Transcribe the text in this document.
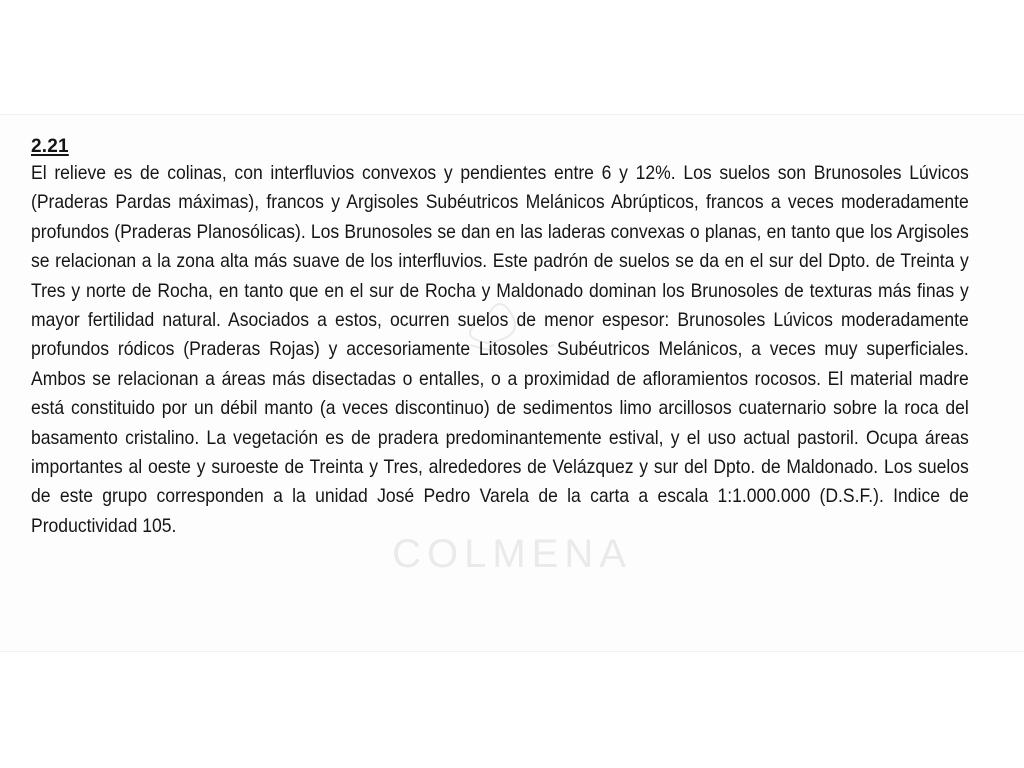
COLMENA
2.21

El relieve es de colinas, con interfluvios convexos y pendientes entre 6 y 12%. Los suelos son Brunosoles Lúvicos (Praderas Pardas máximas), francos y Argisoles Subéutricos Melánicos Abrúpticos, francos a veces moderadamente profundos (Praderas Planosólicas). Los Brunosoles se dan en las laderas convexas o planas, en tanto que los Argisoles se relacionan a la zona alta más suave de los interfluvios. Este padrón de suelos se da en el sur del Dpto. de Treinta y Tres y norte de Rocha, en tanto que en el sur de Rocha y Maldonado dominan los Brunosoles de texturas más finas y mayor fertilidad natural. Asociados a estos, ocurren suelos de menor espesor: Brunosoles Lúvicos moderadamente profundos ródicos (Praderas Rojas) y accesoriamente Litosoles Subéutricos Melánicos, a veces muy superficiales. Ambos se relacionan a áreas más disectadas o entalles, o a proximidad de afloramientos rocosos. El material madre está constituido por un débil manto (a veces discontinuo) de sedimentos limo arcillosos cuaternario sobre la roca del basamento cristalino. La vegetación es de pradera predominantemente estival, y el uso actual pastoril. Ocupa áreas importantes al oeste y suroeste de Treinta y Tres, alrededores de Velázquez y sur del Dpto. de Maldonado. Los suelos de este grupo corresponden a la unidad José Pedro Varela de la carta a escala 1:1.000.000 (D.S.F.). Indice de Productividad 105.
